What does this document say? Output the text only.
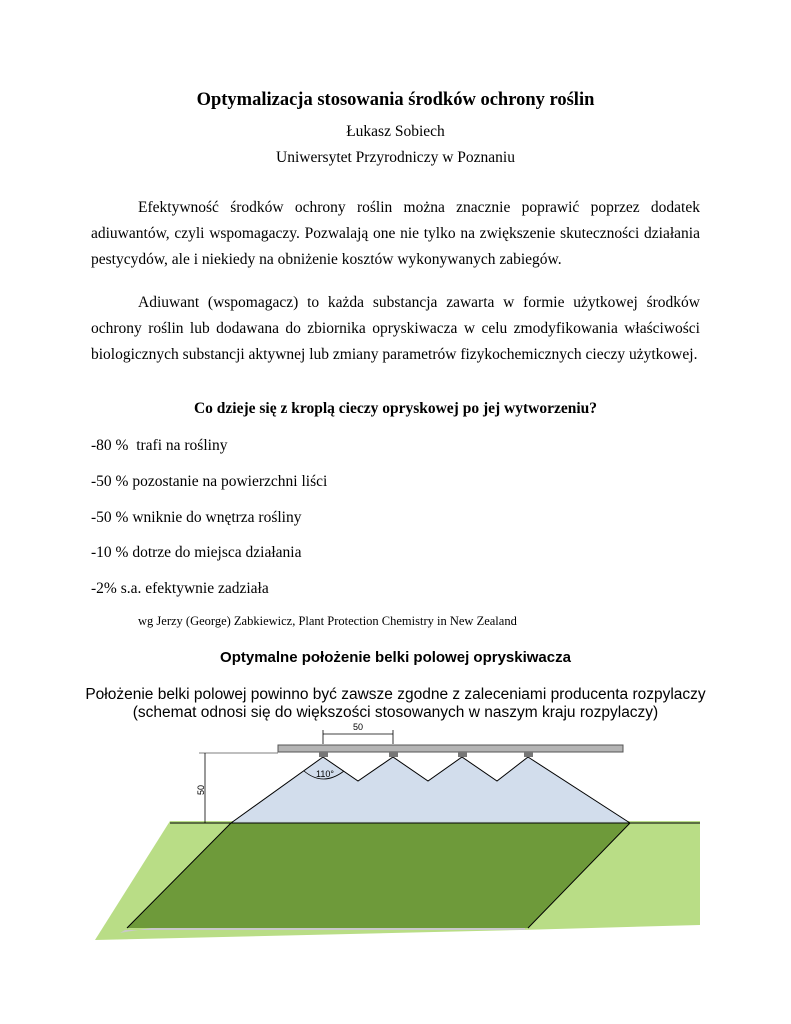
Optymalizacja stosowania środków ochrony roślin
Łukasz Sobiech
Uniwersytet Przyrodniczy w Poznaniu
Efektywność środków ochrony roślin można znacznie poprawić poprzez dodatek adiuwantów, czyli wspomagaczy. Pozwalają one nie tylko na zwiększenie skuteczności działania pestycydów, ale i niekiedy na obniżenie kosztów wykonywanych zabiegów.
Adiuwant (wspomagacz) to każda substancja zawarta w formie użytkowej środków ochrony roślin lub dodawana do zbiornika opryskiwacza w celu zmodyfikowania właściwości biologicznych substancji aktywnej lub zmiany parametrów fizykochemicznych cieczy użytkowej.
Co dzieje się z kroplą cieczy opryskowej po jej wytworzeniu?
-80 %  trafi na rośliny
-50 % pozostanie na powierzchni liści
-50 % wniknie do wnętrza rośliny
-10 % dotrze do miejsca działania
-2% s.a. efektywnie zadziała
wg Jerzy (George) Zabkiewicz, Plant Protection Chemistry in New Zealand
Optymalne położenie belki polowej opryskiwacza
Położenie belki polowej powinno być zawsze zgodne z zaleceniami producenta rozpylaczy
(schemat odnosi się do większości stosowanych w naszym kraju rozpylaczy)
50
50
110°
